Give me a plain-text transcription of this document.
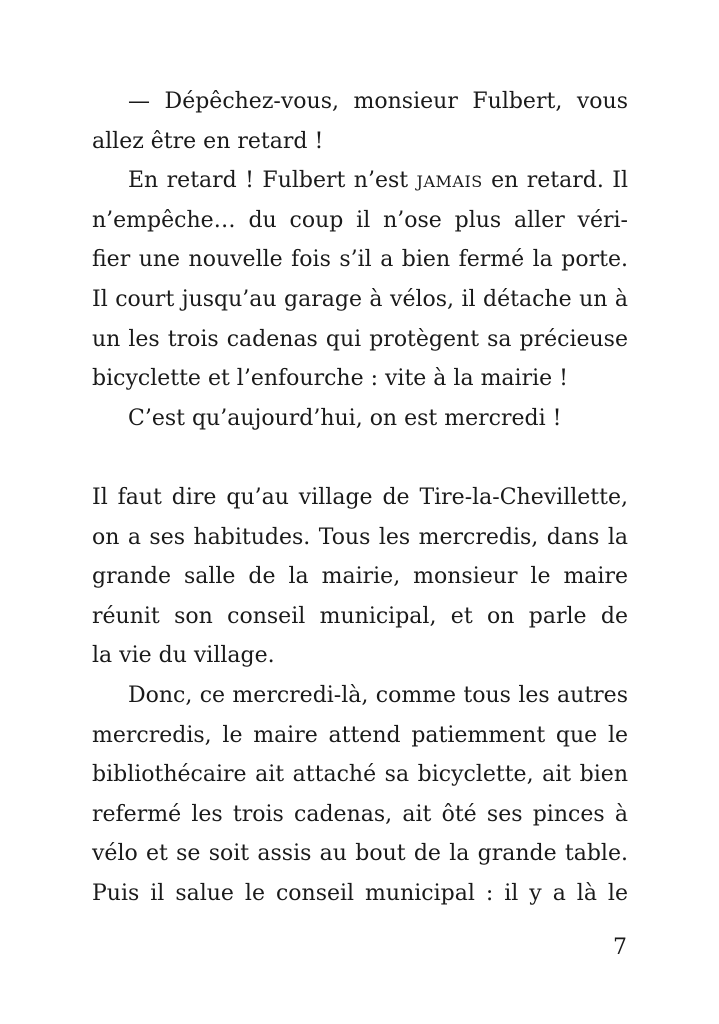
— Dépêchez-vous, monsieur Fulbert, vous
allez être en retard !
En retard ! Fulbert n’est JAMAIS en retard. Il
n’empêche… du coup il n’ose plus aller véri-
fier une nouvelle fois s’il a bien fermé la porte.
Il court jusqu’au garage à vélos, il détache un à
un les trois cadenas qui protègent sa précieuse
bicyclette et l’enfourche : vite à la mairie !
C’est qu’aujourd’hui, on est mercredi !
Il faut dire qu’au village de Tire-la-Chevillette,
on a ses habitudes. Tous les mercredis, dans la
grande salle de la mairie, monsieur le maire
réunit son conseil municipal, et on parle de
la vie du village.
Donc, ce mercredi-là, comme tous les autres
mercredis, le maire attend patiemment que le
bibliothécaire ait attaché sa bicyclette, ait bien
refermé les trois cadenas, ait ôté ses pinces à
vélo et se soit assis au bout de la grande table.
Puis il salue le conseil municipal : il y a là le
7
